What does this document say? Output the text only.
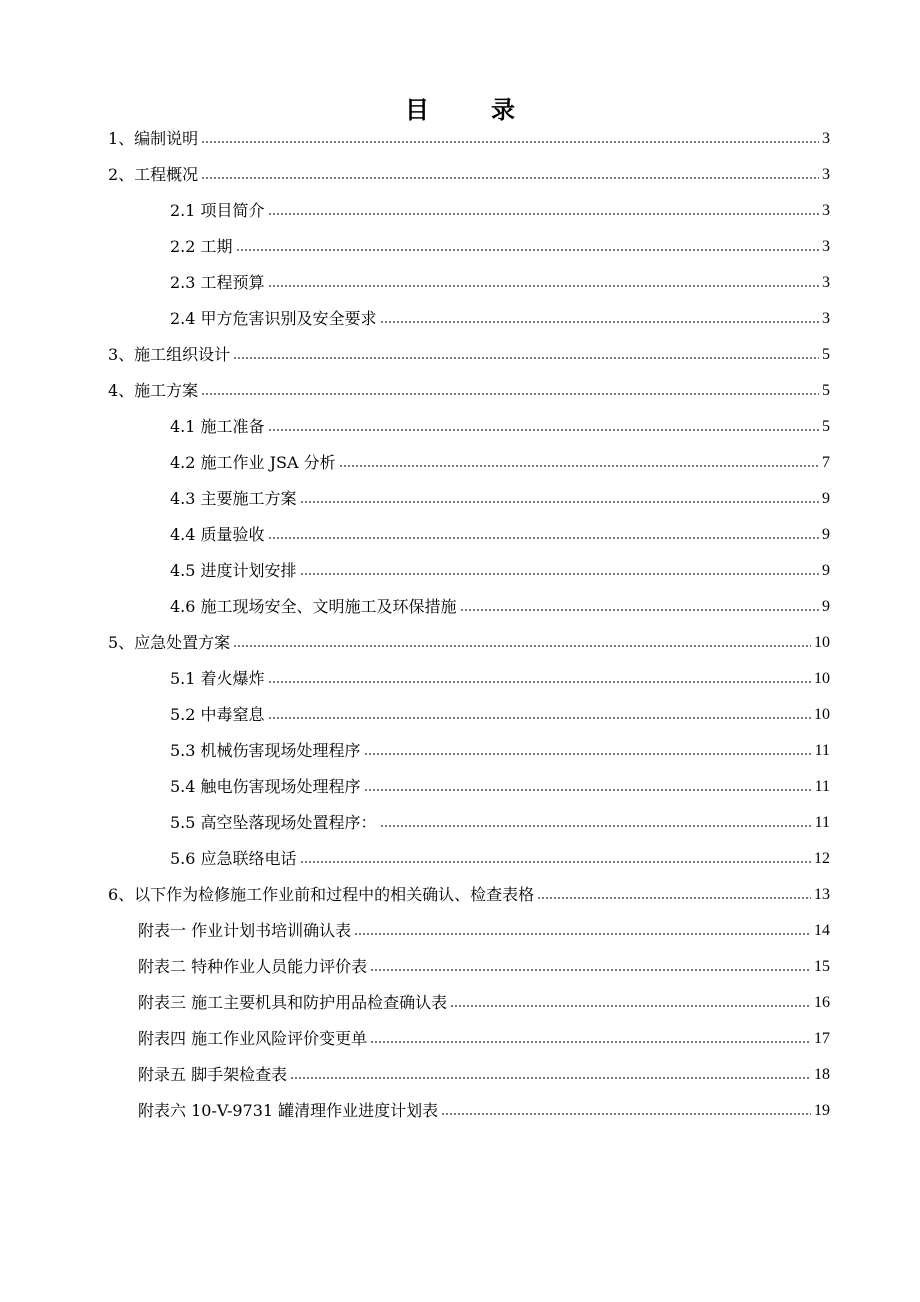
目	录
1、编制说明	3
2、工程概况	3
2.1 项目简介	3
2.2 工期	3
2.3 工程预算	3
2.4 甲方危害识别及安全要求	3
3、施工组织设计	5
4、施工方案	5
4.1 施工准备	5
4.2 施工作业 JSA 分析	7
4.3 主要施工方案	9
4.4 质量验收	9
4.5 进度计划安排	9
4.6 施工现场安全、文明施工及环保措施	9
5、应急处置方案	10
5.1 着火爆炸	10
5.2 中毒窒息	10
5.3 机械伤害现场处理程序	11
5.4 触电伤害现场处理程序	11
5.5 高空坠落现场处置程序：	11
5.6 应急联络电话	12
6、以下作为检修施工作业前和过程中的相关确认、检查表格	13
附表一 作业计划书培训确认表	14
附表二 特种作业人员能力评价表	15
附表三 施工主要机具和防护用品检查确认表	16
附表四 施工作业风险评价变更单	17
附录五 脚手架检查表	18
附表六 10-V-9731 罐清理作业进度计划表	19
